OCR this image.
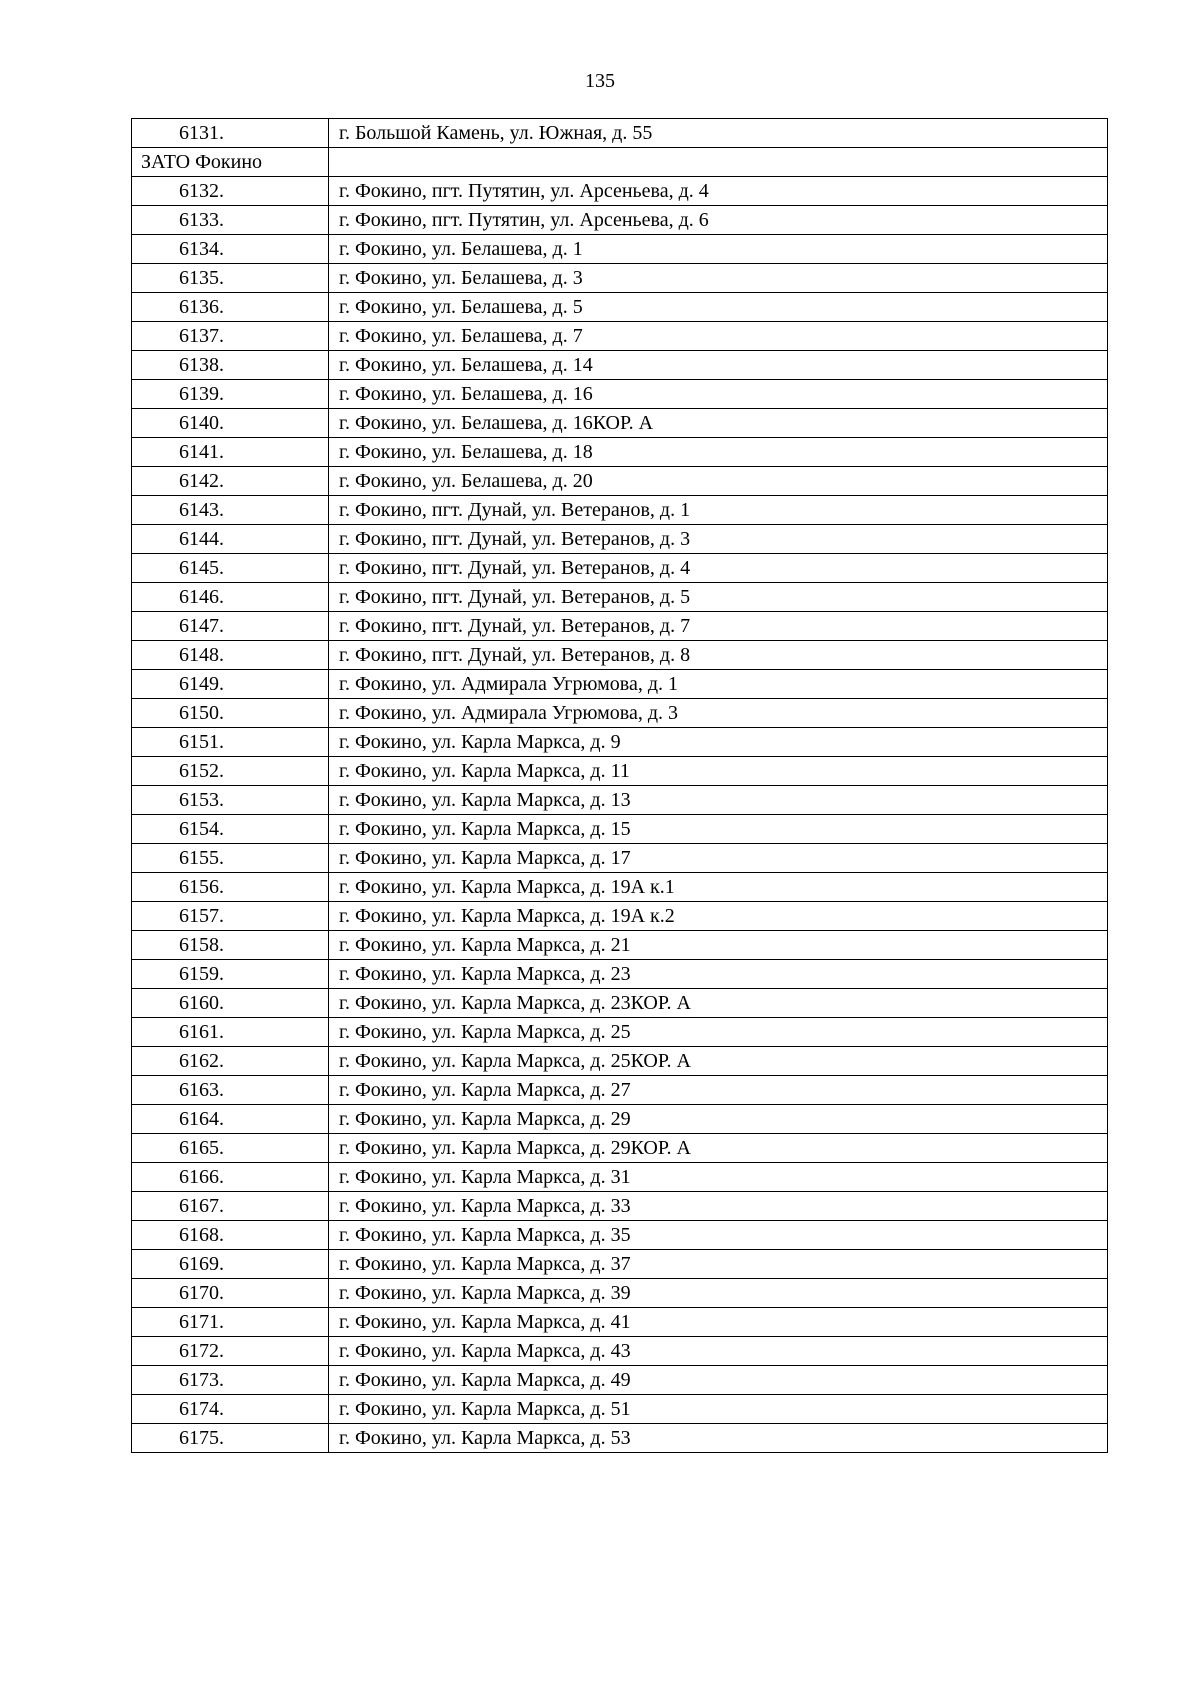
135
6131.	г. Большой Камень, ул. Южная, д. 55
ЗАТО Фокино	
6132.	г. Фокино, пгт. Путятин, ул. Арсеньева, д. 4
6133.	г. Фокино, пгт. Путятин, ул. Арсеньева, д. 6
6134.	г. Фокино, ул. Белашева, д. 1
6135.	г. Фокино, ул. Белашева, д. 3
6136.	г. Фокино, ул. Белашева, д. 5
6137.	г. Фокино, ул. Белашева, д. 7
6138.	г. Фокино, ул. Белашева, д. 14
6139.	г. Фокино, ул. Белашева, д. 16
6140.	г. Фокино, ул. Белашева, д. 16КОР. А
6141.	г. Фокино, ул. Белашева, д. 18
6142.	г. Фокино, ул. Белашева, д. 20
6143.	г. Фокино, пгт. Дунай, ул. Ветеранов, д. 1
6144.	г. Фокино, пгт. Дунай, ул. Ветеранов, д. 3
6145.	г. Фокино, пгт. Дунай, ул. Ветеранов, д. 4
6146.	г. Фокино, пгт. Дунай, ул. Ветеранов, д. 5
6147.	г. Фокино, пгт. Дунай, ул. Ветеранов, д. 7
6148.	г. Фокино, пгт. Дунай, ул. Ветеранов, д. 8
6149.	г. Фокино, ул. Адмирала Угрюмова, д. 1
6150.	г. Фокино, ул. Адмирала Угрюмова, д. 3
6151.	г. Фокино, ул. Карла Маркса, д. 9
6152.	г. Фокино, ул. Карла Маркса, д. 11
6153.	г. Фокино, ул. Карла Маркса, д. 13
6154.	г. Фокино, ул. Карла Маркса, д. 15
6155.	г. Фокино, ул. Карла Маркса, д. 17
6156.	г. Фокино, ул. Карла Маркса, д. 19А к.1
6157.	г. Фокино, ул. Карла Маркса, д. 19А к.2
6158.	г. Фокино, ул. Карла Маркса, д. 21
6159.	г. Фокино, ул. Карла Маркса, д. 23
6160.	г. Фокино, ул. Карла Маркса, д. 23КОР. А
6161.	г. Фокино, ул. Карла Маркса, д. 25
6162.	г. Фокино, ул. Карла Маркса, д. 25КОР. А
6163.	г. Фокино, ул. Карла Маркса, д. 27
6164.	г. Фокино, ул. Карла Маркса, д. 29
6165.	г. Фокино, ул. Карла Маркса, д. 29КОР. А
6166.	г. Фокино, ул. Карла Маркса, д. 31
6167.	г. Фокино, ул. Карла Маркса, д. 33
6168.	г. Фокино, ул. Карла Маркса, д. 35
6169.	г. Фокино, ул. Карла Маркса, д. 37
6170.	г. Фокино, ул. Карла Маркса, д. 39
6171.	г. Фокино, ул. Карла Маркса, д. 41
6172.	г. Фокино, ул. Карла Маркса, д. 43
6173.	г. Фокино, ул. Карла Маркса, д. 49
6174.	г. Фокино, ул. Карла Маркса, д. 51
6175.	г. Фокино, ул. Карла Маркса, д. 53
